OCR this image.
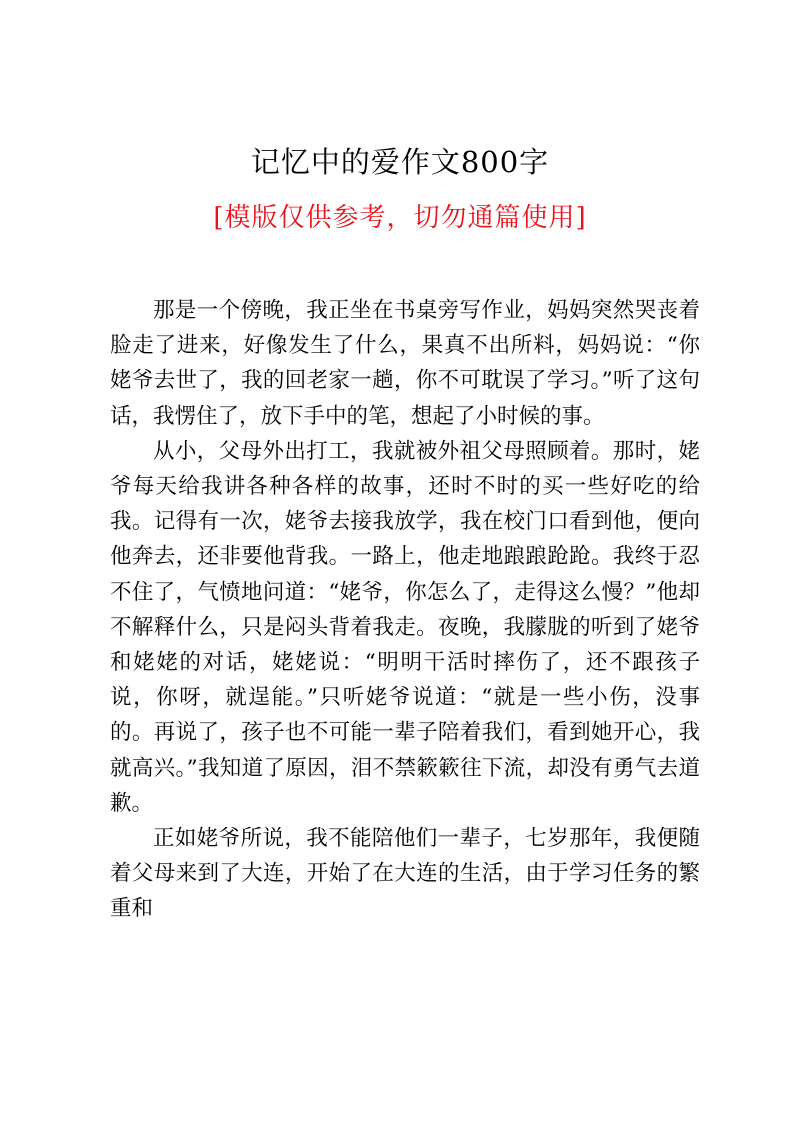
记忆中的爱作文800字
[模版仅供参考，切勿通篇使用]

那是一个傍晚，我正坐在书桌旁写作业，妈妈突然哭丧着脸走了进来，好像发生了什么，果真不出所料，妈妈说：“你姥爷去世了，我的回老家一趟，你不可耽误了学习。”听了这句话，我愣住了，放下手中的笔，想起了小时候的事。

从小，父母外出打工，我就被外祖父母照顾着。那时，姥爷每天给我讲各种各样的故事，还时不时的买一些好吃的给我。记得有一次，姥爷去接我放学，我在校门口看到他，便向他奔去，还非要他背我。一路上，他走地踉踉跄跄。我终于忍不住了，气愤地问道：“姥爷，你怎么了，走得这么慢？”他却不解释什么，只是闷头背着我走。夜晚，我朦胧的听到了姥爷和姥姥的对话，姥姥说：“明明干活时摔伤了，还不跟孩子说，你呀，就逞能。”只听姥爷说道：“就是一些小伤，没事的。再说了，孩子也不可能一辈子陪着我们，看到她开心，我就高兴。”我知道了原因，泪不禁簌簌往下流，却没有勇气去道歉。

正如姥爷所说，我不能陪他们一辈子，七岁那年，我便随着父母来到了大连，开始了在大连的生活，由于学习任务的繁重和
